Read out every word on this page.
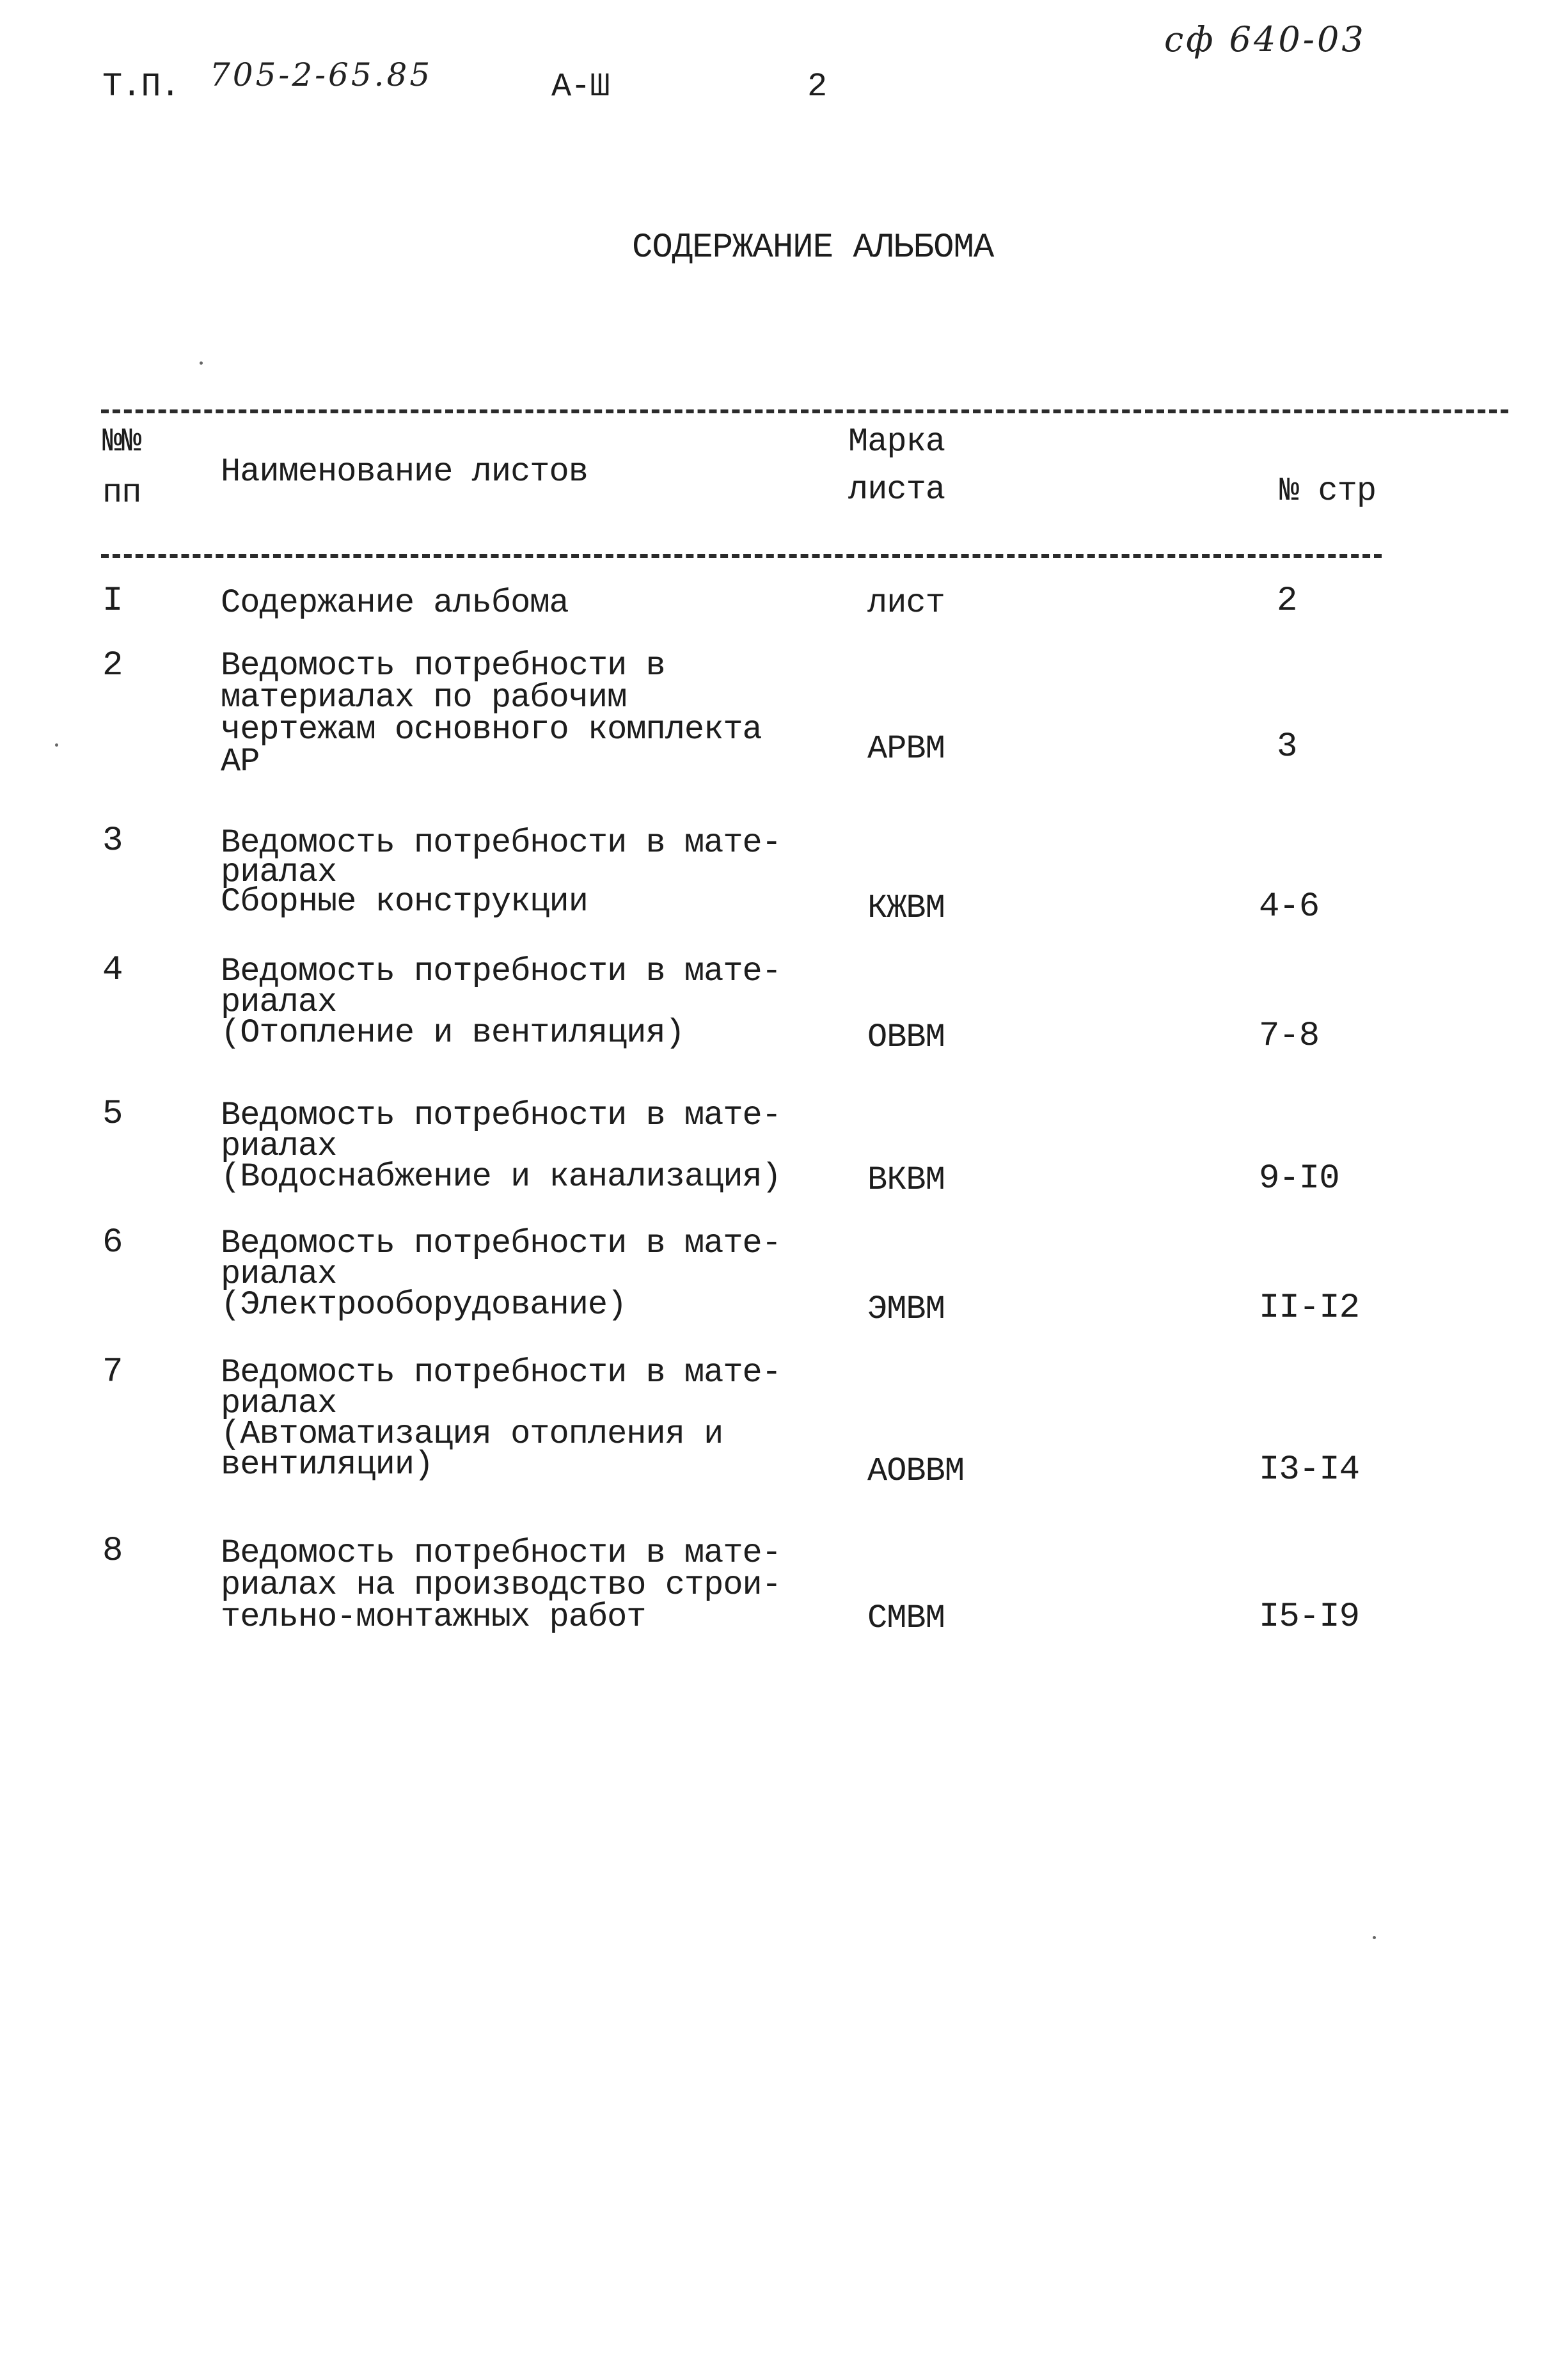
Т.П. 705-2-65.85	А-Ш	2
сф 640-03
СОДЕРЖАНИЕ АЛЬБОМА
№№
пп
Наименование листов
Марка
листа	№ стр
I	Содержание альбома	лист	2
2	Ведомость потребности в
материалах по рабочим
чертежам основного комплекта
АР	АРВМ	3
3	Ведомость потребности в мате-
риалах
Сборные конструкции	КЖВМ	4-6
4	Ведомость потребности в мате-
риалах
(Отопление и вентиляция)	ОВВМ	7-8
5	Ведомость потребности в мате-
риалах
(Водоснабжение и канализация)	ВКВМ	9-I0
6	Ведомость потребности в мате-
риалах
(Электрооборудование)	ЭМВМ	II-I2
7	Ведомость потребности в мате-
риалах
(Автоматизация отопления и
вентиляции)	АОВВМ	I3-I4
8	Ведомость потребности в мате-
риалах на производство строи-
тельно-монтажных работ	СМВМ	I5-I9
